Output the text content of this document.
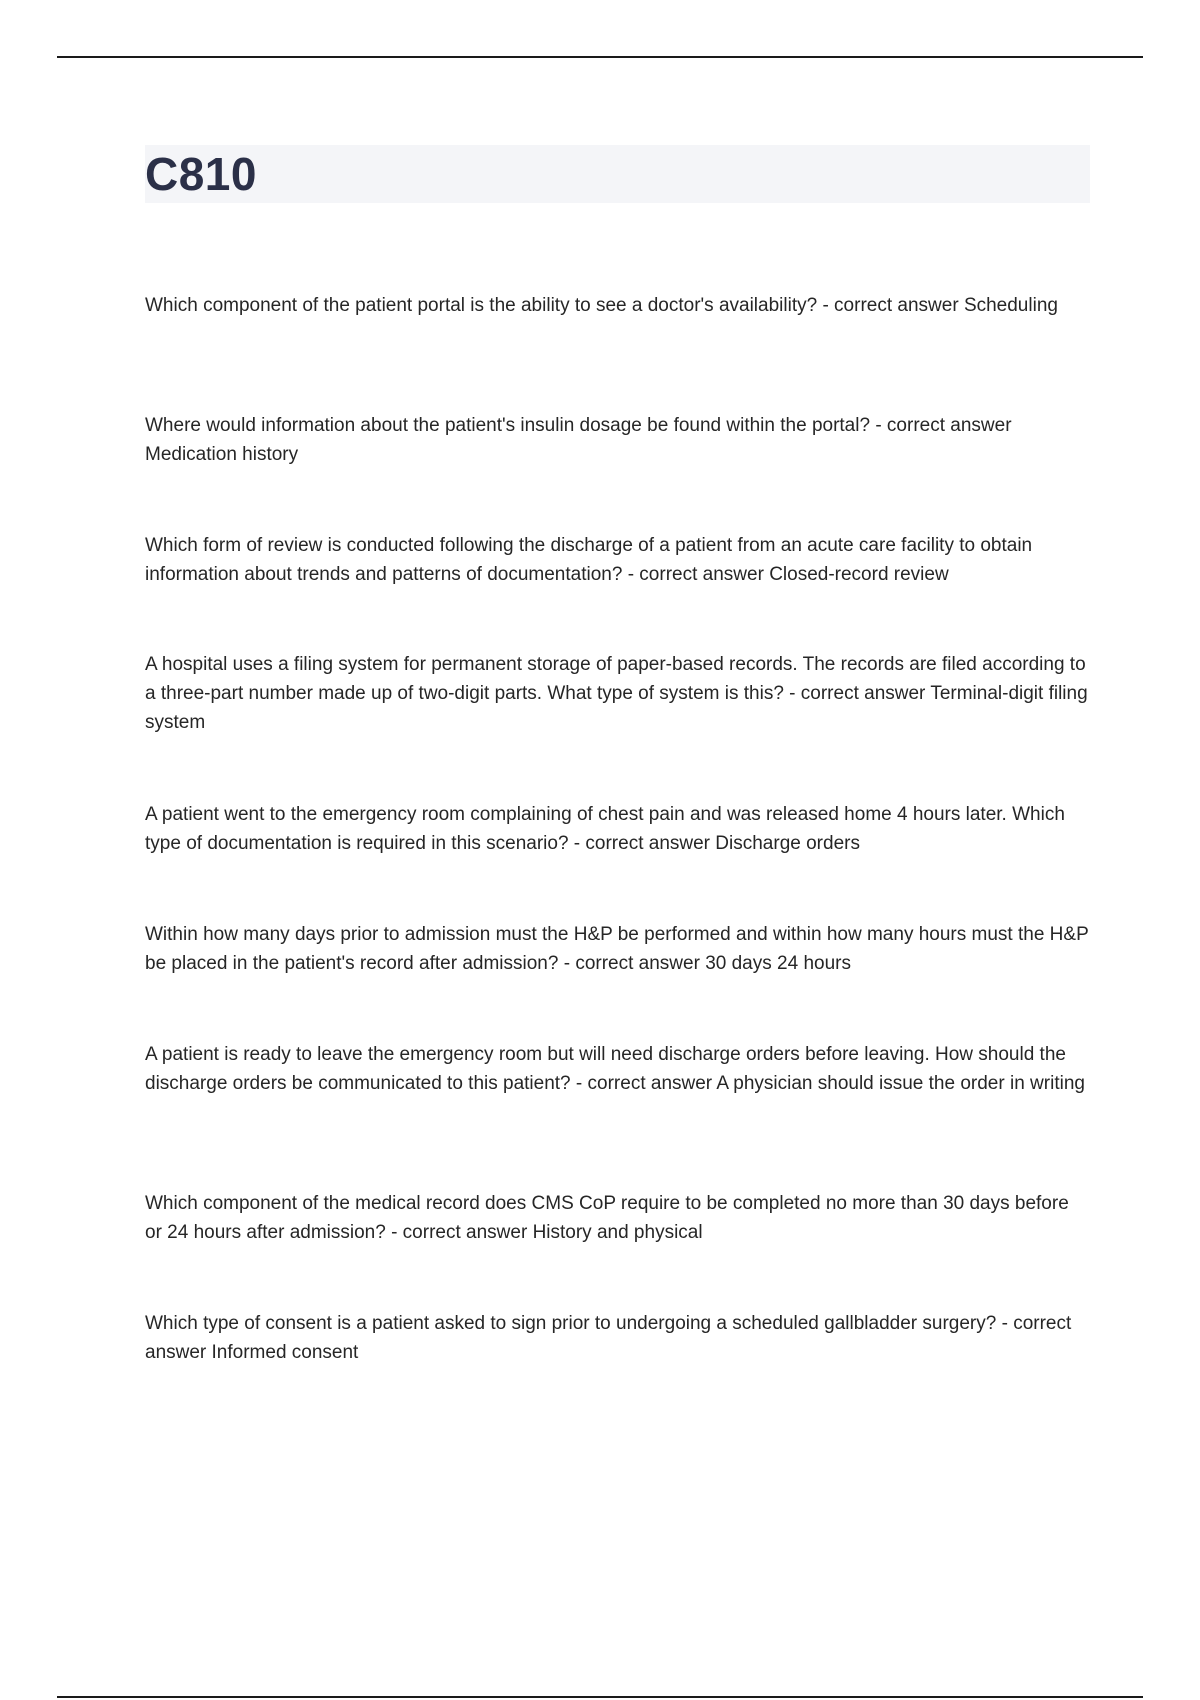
C810

Which component of the patient portal is the ability to see a doctor's availability? - correct answer Scheduling

Where would information about the patient's insulin dosage be found within the portal? - correct answer Medication history

Which form of review is conducted following the discharge of a patient from an acute care facility to obtain information about trends and patterns of documentation? - correct answer Closed-record review

A hospital uses a filing system for permanent storage of paper-based records. The records are filed according to a three-part number made up of two-digit parts. What type of system is this? - correct answer Terminal-digit filing system

A patient went to the emergency room complaining of chest pain and was released home 4 hours later. Which type of documentation is required in this scenario? - correct answer Discharge orders

Within how many days prior to admission must the H&P be performed and within how many hours must the H&P be placed in the patient's record after admission? - correct answer 30 days 24 hours

A patient is ready to leave the emergency room but will need discharge orders before leaving. How should the discharge orders be communicated to this patient? - correct answer A physician should issue the order in writing

Which component of the medical record does CMS CoP require to be completed no more than 30 days before or 24 hours after admission? - correct answer History and physical

Which type of consent is a patient asked to sign prior to undergoing a scheduled gallbladder surgery? - correct answer Informed consent
